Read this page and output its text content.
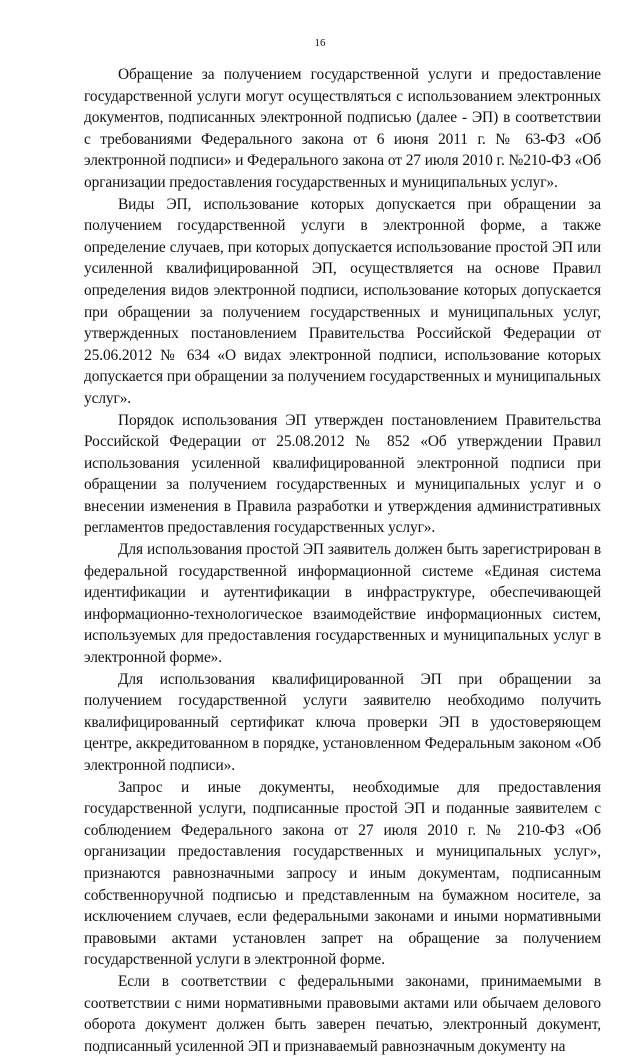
16

Обращение за получением государственной услуги и предоставление государственной услуги могут осуществляться с использованием электронных документов, подписанных электронной подписью (далее - ЭП) в соответствии с требованиями Федерального закона от 6 июня 2011 г. № 63-ФЗ «Об электронной подписи» и Федерального закона от 27 июля 2010 г. №210-ФЗ «Об организации предоставления государственных и муниципальных услуг».

Виды ЭП, использование которых допускается при обращении за получением государственной услуги в электронной форме, а также определение случаев, при которых допускается использование простой ЭП или усиленной квалифицированной ЭП, осуществляется на основе Правил определения видов электронной подписи, использование которых допускается при обращении за получением государственных и муниципальных услуг, утвержденных постановлением Правительства Российской Федерации от 25.06.2012 № 634 «О видах электронной подписи, использование которых допускается при обращении за получением государственных и муниципальных услуг».

Порядок использования ЭП утвержден постановлением Правительства Российской Федерации от 25.08.2012 № 852 «Об утверждении Правил использования усиленной квалифицированной электронной подписи при обращении за получением государственных и муниципальных услуг и о внесении изменения в Правила разработки и утверждения административных регламентов предоставления государственных услуг».

Для использования простой ЭП заявитель должен быть зарегистрирован в федеральной государственной информационной системе «Единая система идентификации и аутентификации в инфраструктуре, обеспечивающей информационно-технологическое взаимодействие информационных систем, используемых для предоставления государственных и муниципальных услуг в электронной форме».

Для использования квалифицированной ЭП при обращении за получением государственной услуги заявителю необходимо получить квалифицированный сертификат ключа проверки ЭП в удостоверяющем центре, аккредитованном в порядке, установленном Федеральным законом «Об электронной подписи».

Запрос и иные документы, необходимые для предоставления государственной услуги, подписанные простой ЭП и поданные заявителем с соблюдением Федерального закона от 27 июля 2010 г. № 210-ФЗ «Об организации предоставления государственных и муниципальных услуг», признаются равнозначными запросу и иным документам, подписанным собственноручной подписью и представленным на бумажном носителе, за исключением случаев, если федеральными законами и иными нормативными правовыми актами установлен запрет на обращение за получением государственной услуги в электронной форме.

Если в соответствии с федеральными законами, принимаемыми в соответствии с ними нормативными правовыми актами или обычаем делового оборота документ должен быть заверен печатью, электронный документ, подписанный усиленной ЭП и признаваемый равнозначным документу на
